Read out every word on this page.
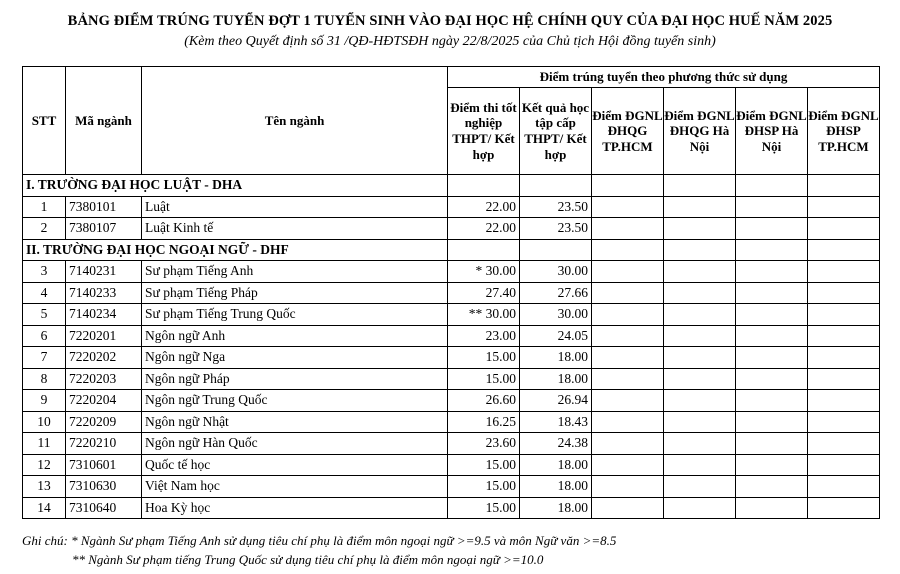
BẢNG ĐIỂM TRÚNG TUYỂN ĐỢT 1 TUYỂN SINH VÀO ĐẠI HỌC HỆ CHÍNH QUY CỦA ĐẠI HỌC HUẾ NĂM 2025
(Kèm theo Quyết định số 31 /QĐ-HĐTSĐH ngày 22/8/2025 của Chủ tịch Hội đồng tuyển sinh)
STT	Mã ngành	Tên ngành	Điểm trúng tuyển theo phương thức sử dụng					
			Điểm thi tốt nghiệp THPT/ Kết hợp	Kết quả học tập cấp THPT/ Kết hợp	Điểm ĐGNL ĐHQG TP.HCM	Điểm ĐGNL ĐHQG Hà Nội	Điểm ĐGNL ĐHSP Hà Nội	Điểm ĐGNL ĐHSP TP.HCM
I. TRƯỜNG ĐẠI HỌC LUẬT - DHA								
1	7380101	Luật	22.00	23.50				
2	7380107	Luật Kinh tế	22.00	23.50				
II. TRƯỜNG ĐẠI HỌC NGOẠI NGỮ - DHF								
3	7140231	Sư phạm Tiếng Anh	* 30.00	30.00				
4	7140233	Sư phạm Tiếng Pháp	27.40	27.66				
5	7140234	Sư phạm Tiếng Trung Quốc	** 30.00	30.00				
6	7220201	Ngôn ngữ Anh	23.00	24.05				
7	7220202	Ngôn ngữ Nga	15.00	18.00				
8	7220203	Ngôn ngữ Pháp	15.00	18.00				
9	7220204	Ngôn ngữ Trung Quốc	26.60	26.94				
10	7220209	Ngôn ngữ Nhật	16.25	18.43				
11	7220210	Ngôn ngữ Hàn Quốc	23.60	24.38				
12	7310601	Quốc tế học	15.00	18.00				
13	7310630	Việt Nam học	15.00	18.00				
14	7310640	Hoa Kỳ học	15.00	18.00				
Ghi chú: * Ngành Sư phạm Tiếng Anh sử dụng tiêu chí phụ là điểm môn ngoại ngữ >=9.5 và môn Ngữ văn >=8.5
** Ngành Sư phạm tiếng Trung Quốc sử dụng tiêu chí phụ là điểm môn ngoại ngữ >=10.0
